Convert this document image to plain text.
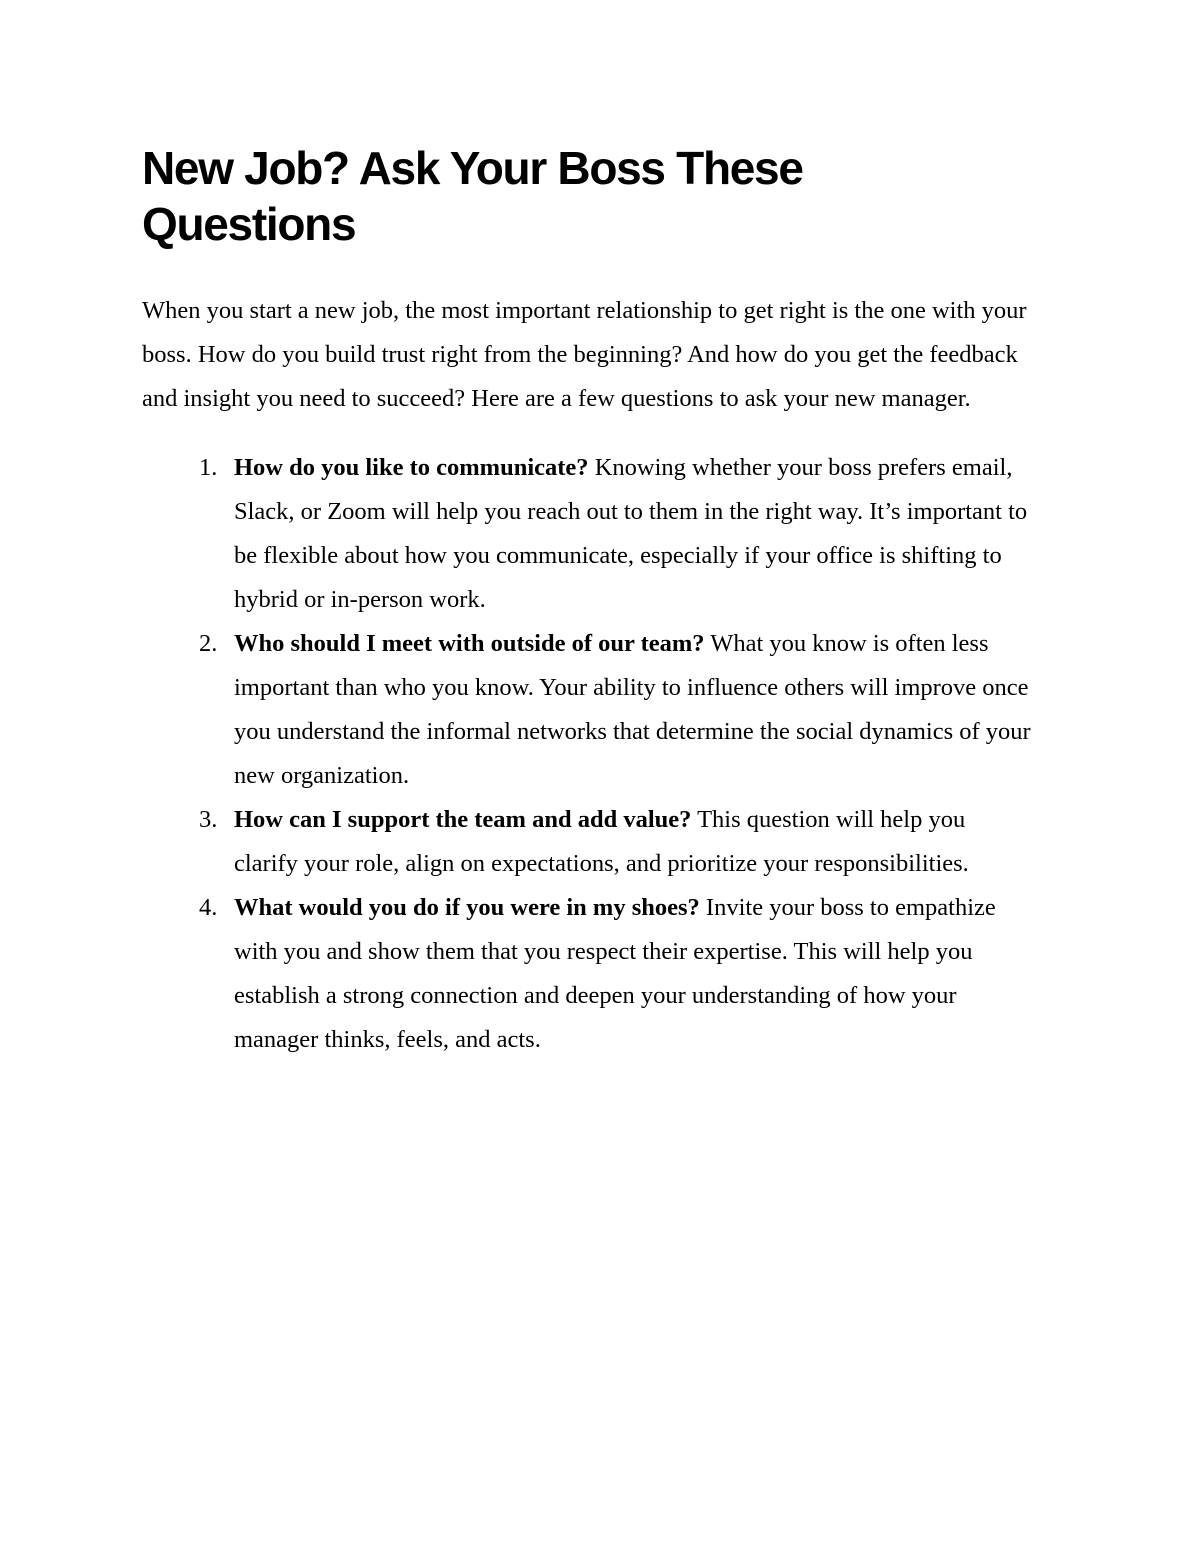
New Job? Ask Your Boss These Questions

When you start a new job, the most important relationship to get right is the one with your boss. How do you build trust right from the beginning? And how do you get the feedback and insight you need to succeed? Here are a few questions to ask your new manager.

1. How do you like to communicate? Knowing whether your boss prefers email, Slack, or Zoom will help you reach out to them in the right way. It’s important to be flexible about how you communicate, especially if your office is shifting to hybrid or in-person work.
2. Who should I meet with outside of our team? What you know is often less important than who you know. Your ability to influence others will improve once you understand the informal networks that determine the social dynamics of your new organization.
3. How can I support the team and add value? This question will help you clarify your role, align on expectations, and prioritize your responsibilities.
4. What would you do if you were in my shoes? Invite your boss to empathize with you and show them that you respect their expertise. This will help you establish a strong connection and deepen your understanding of how your manager thinks, feels, and acts.
